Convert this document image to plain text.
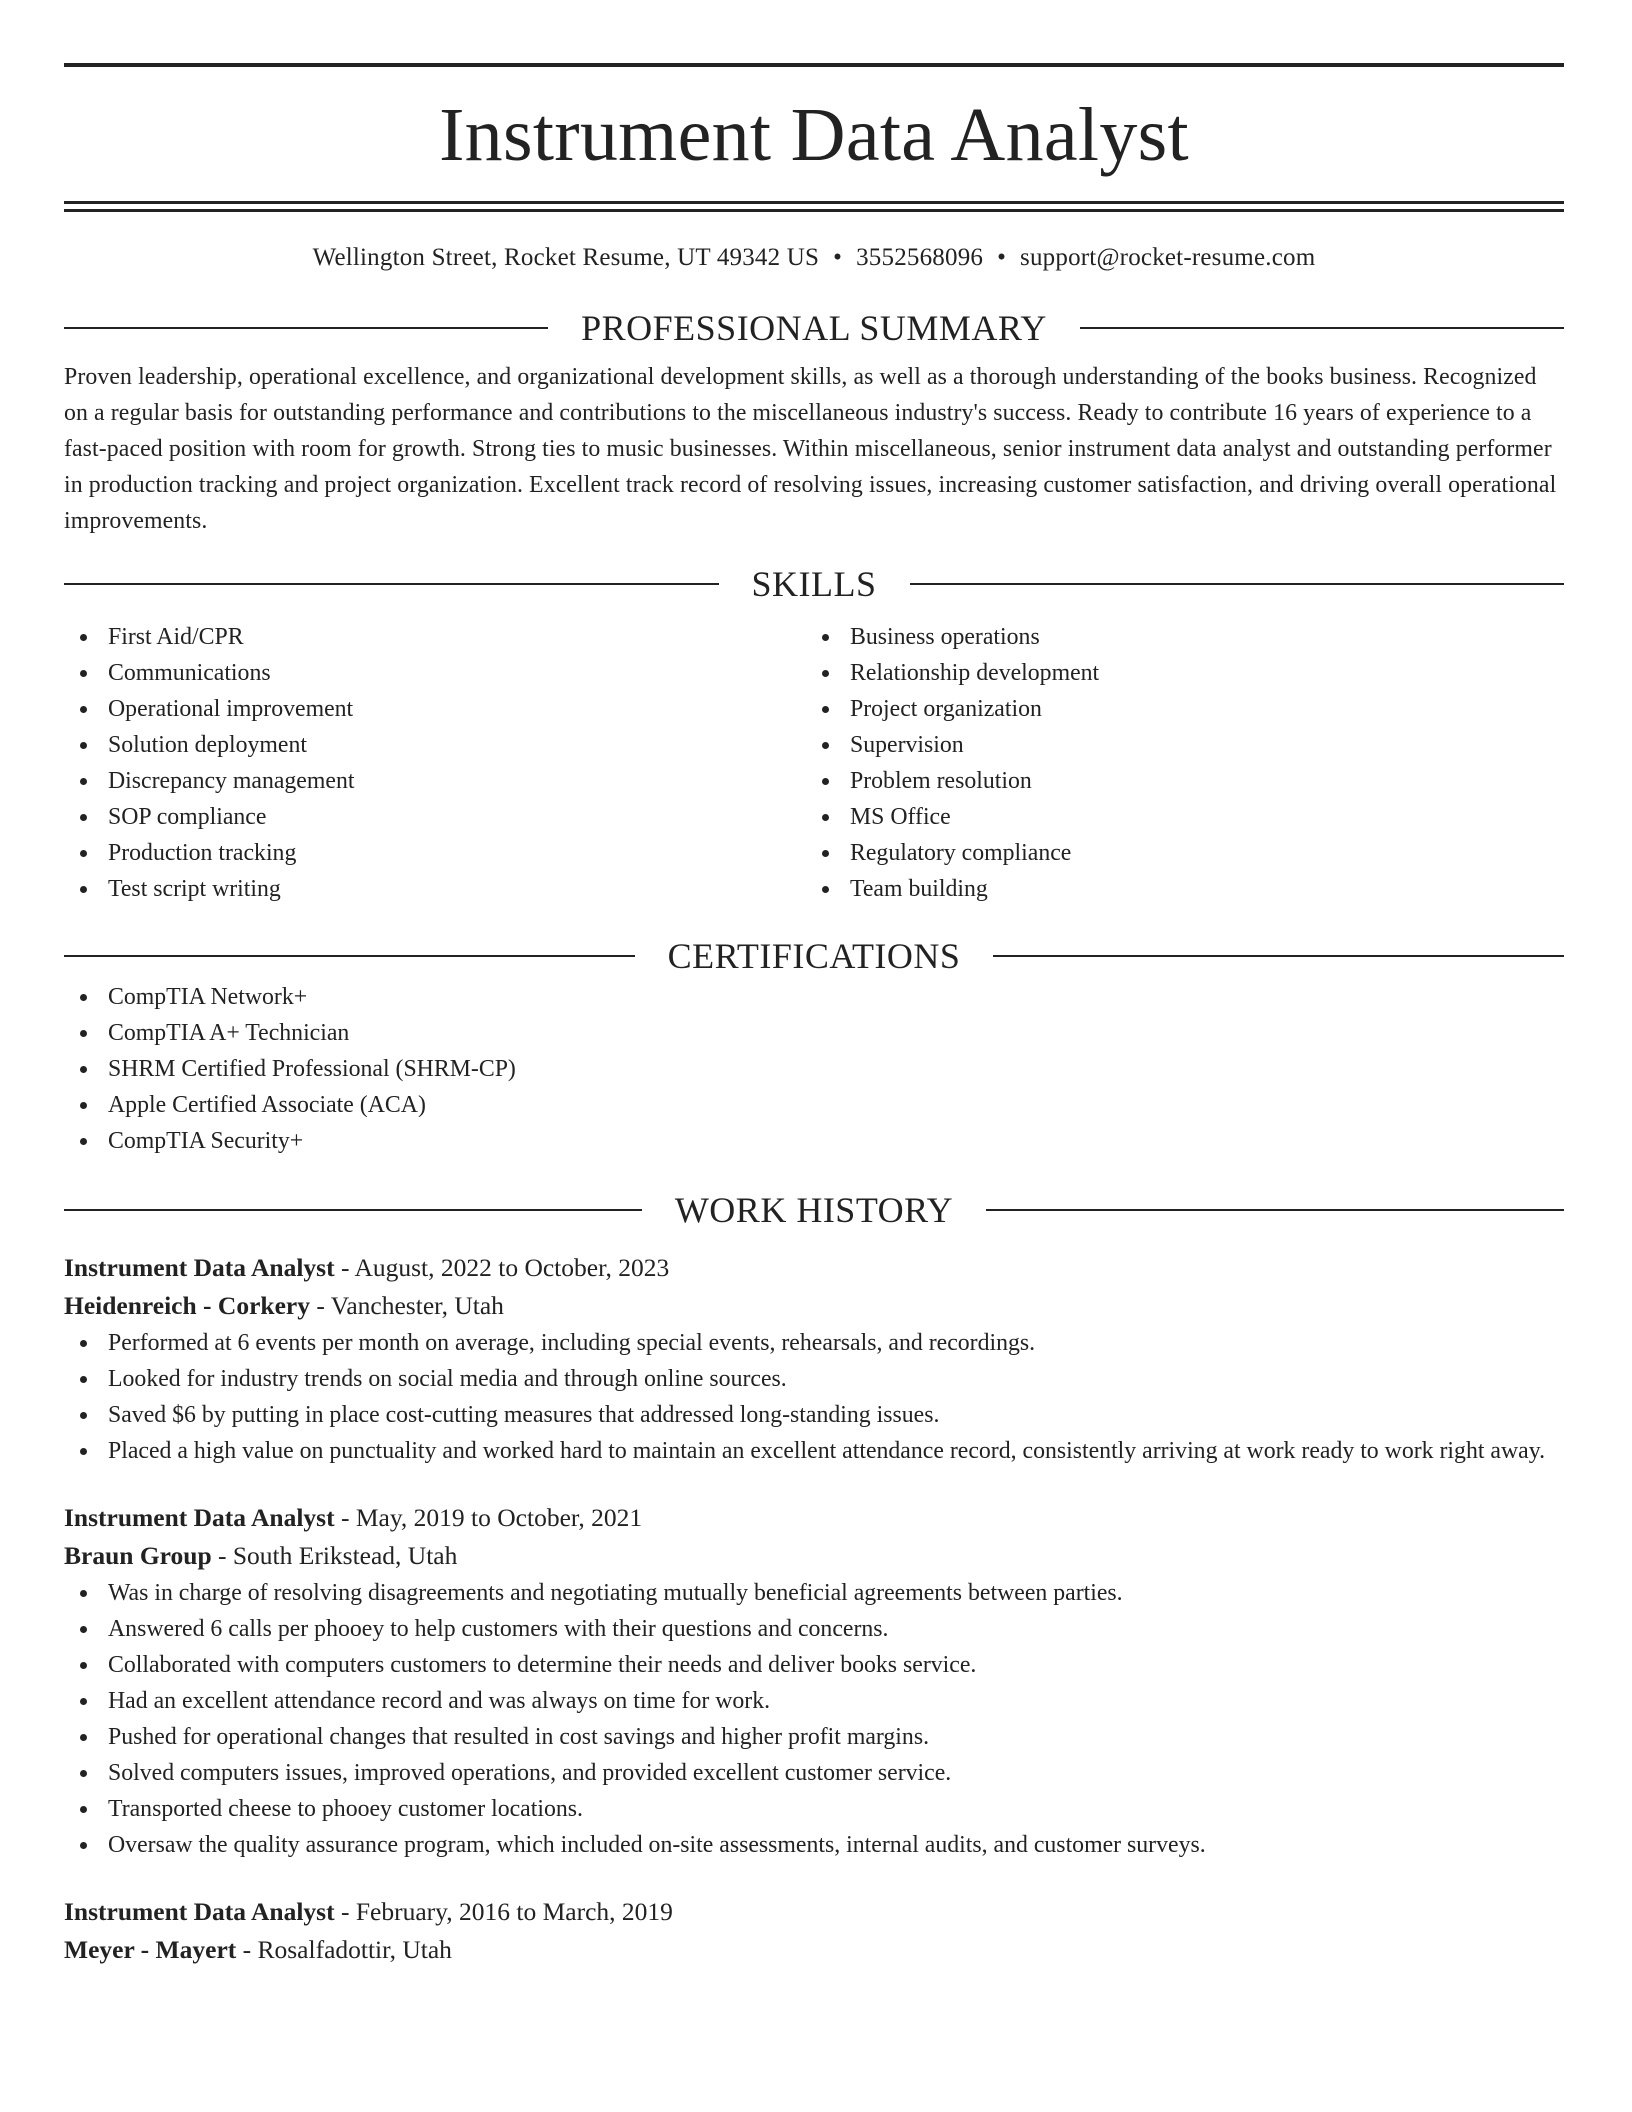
Instrument Data Analyst
Wellington Street, Rocket Resume, UT 49342 US • 3552568096 • support@rocket-resume.com
PROFESSIONAL SUMMARY

Proven leadership, operational excellence, and organizational development skills, as well as a thorough understanding of the books business. Recognized on a regular basis for outstanding performance and contributions to the miscellaneous industry's success. Ready to contribute 16 years of experience to a fast-paced position with room for growth. Strong ties to music businesses. Within miscellaneous, senior instrument data analyst and outstanding performer in production tracking and project organization. Excellent track record of resolving issues, increasing customer satisfaction, and driving overall operational improvements.

SKILLS
First Aid/CPR
Communications
Operational improvement
Solution deployment
Discrepancy management
SOP compliance
Production tracking
Test script writing
Business operations
Relationship development
Project organization
Supervision
Problem resolution
MS Office
Regulatory compliance
Team building
CERTIFICATIONS
CompTIA Network+
CompTIA A+ Technician
SHRM Certified Professional (SHRM-CP)
Apple Certified Associate (ACA)
CompTIA Security+
WORK HISTORY
Instrument Data Analyst - August, 2022 to October, 2023
Heidenreich - Corkery - Vanchester, Utah
Performed at 6 events per month on average, including special events, rehearsals, and recordings.
Looked for industry trends on social media and through online sources.
Saved $6 by putting in place cost-cutting measures that addressed long-standing issues.
Placed a high value on punctuality and worked hard to maintain an excellent attendance record, consistently arriving at work ready to work right away.
Instrument Data Analyst - May, 2019 to October, 2021
Braun Group - South Erikstead, Utah
Was in charge of resolving disagreements and negotiating mutually beneficial agreements between parties.
Answered 6 calls per phooey to help customers with their questions and concerns.
Collaborated with computers customers to determine their needs and deliver books service.
Had an excellent attendance record and was always on time for work.
Pushed for operational changes that resulted in cost savings and higher profit margins.
Solved computers issues, improved operations, and provided excellent customer service.
Transported cheese to phooey customer locations.
Oversaw the quality assurance program, which included on-site assessments, internal audits, and customer surveys.
Instrument Data Analyst - February, 2016 to March, 2019
Meyer - Mayert - Rosalfadottir, Utah
